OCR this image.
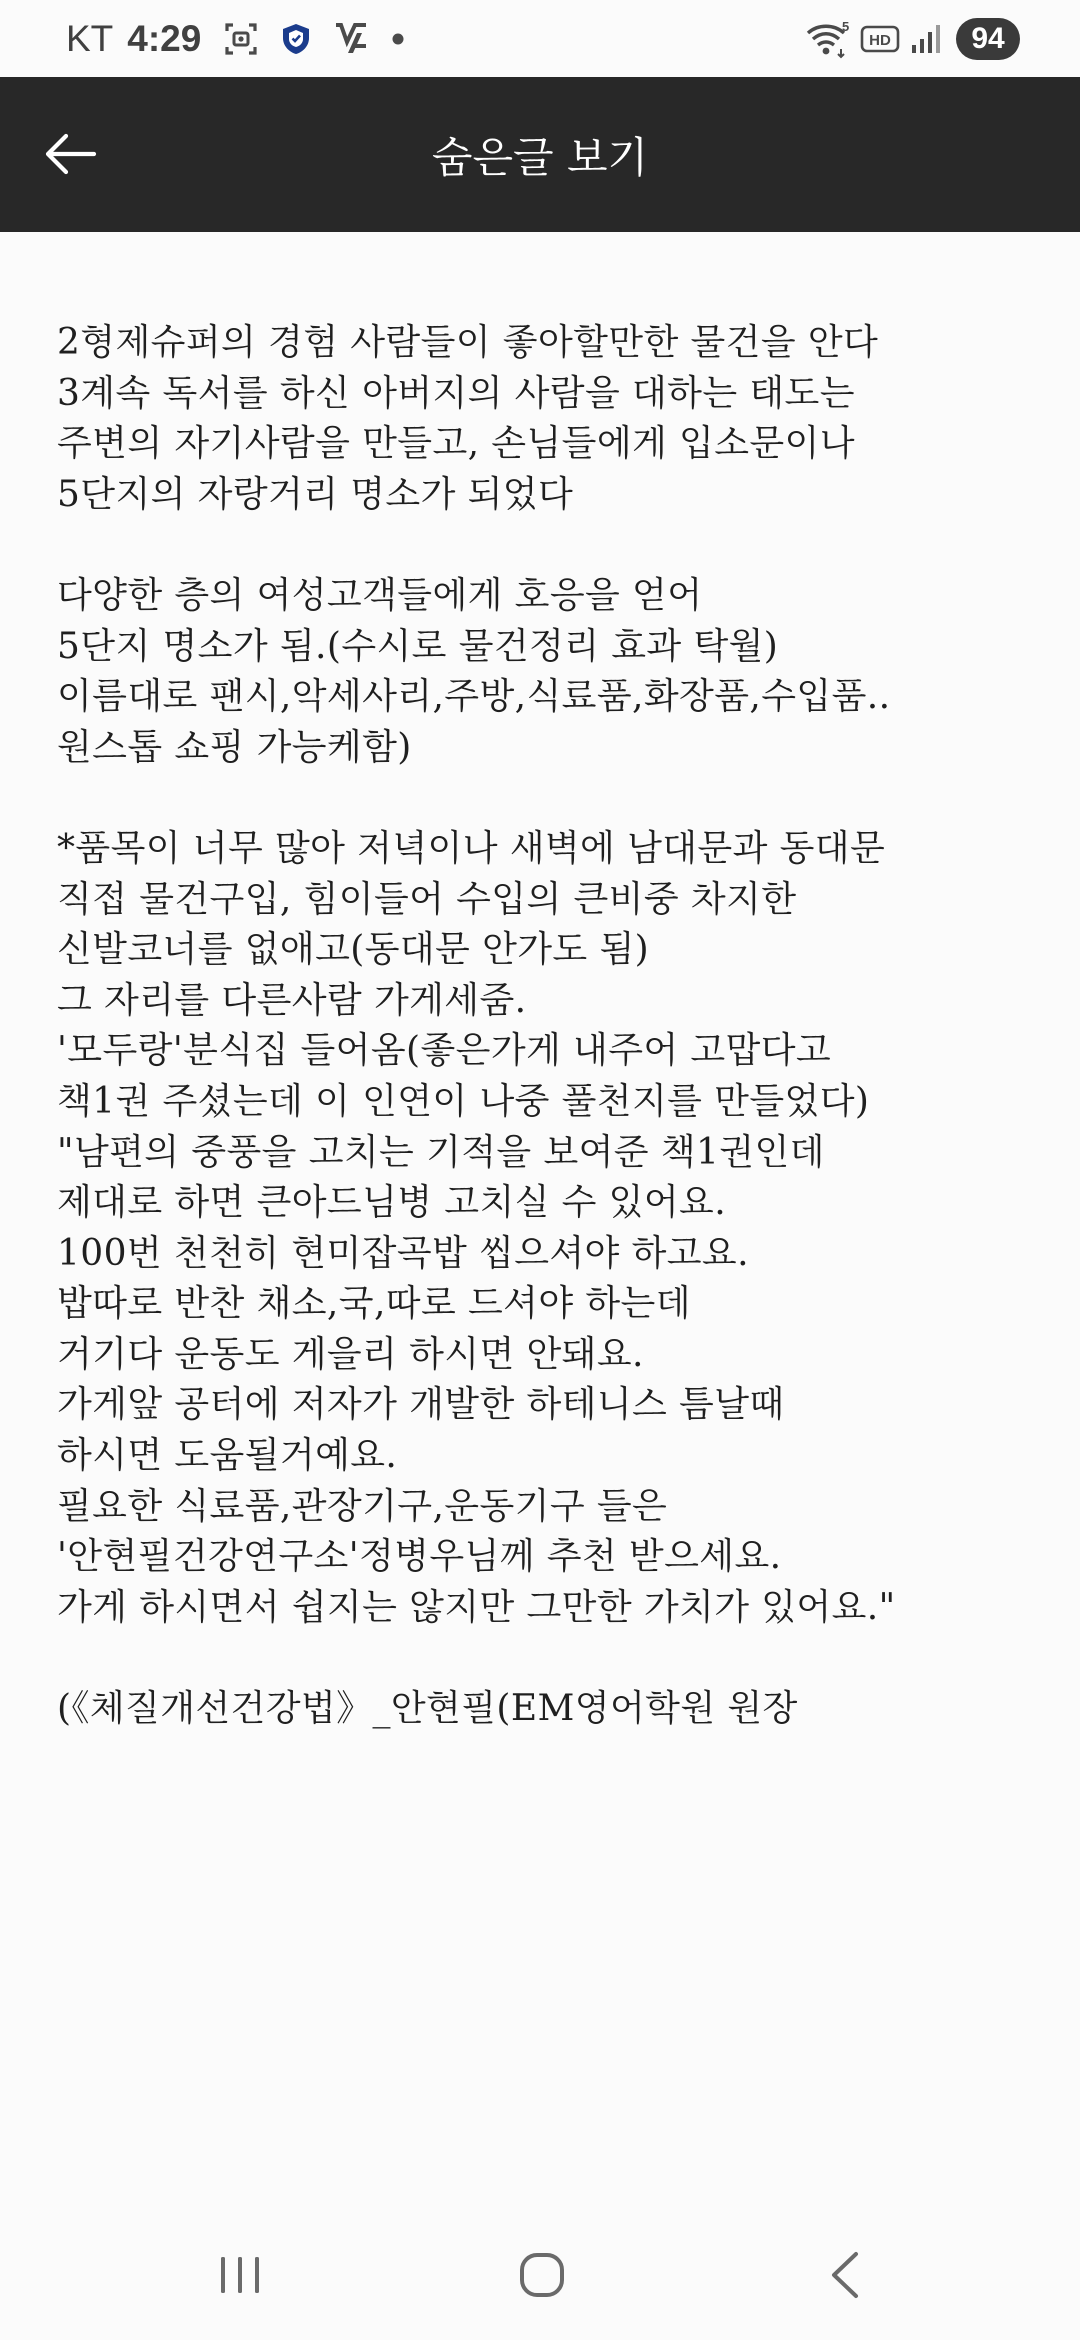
KT 4:29	5
HD	94
숨은글 보기
2형제슈퍼의 경험 사람들이 좋아할만한 물건을 안다
3계속 독서를 하신 아버지의 사람을 대하는 태도는
주변의 자기사람을 만들고, 손님들에게 입소문이나
5단지의 자랑거리 명소가 되었다
다양한 층의 여성고객들에게 호응을 얻어
5단지 명소가 됨.(수시로 물건정리 효과 탁월)
이름대로 팬시,악세사리,주방,식료품,화장품,수입품..
원스톱 쇼핑 가능케함)
*품목이 너무 많아 저녁이나 새벽에 남대문과 동대문
직접 물건구입, 힘이들어 수입의 큰비중 차지한
신발코너를 없애고(동대문 안가도 됨)
그 자리를 다른사람 가게세줌.
'모두랑'분식집 들어옴(좋은가게 내주어 고맙다고
책1권 주셨는데 이 인연이 나중 풀천지를 만들었다)
"남편의 중풍을 고치는 기적을 보여준 책1권인데
제대로 하면 큰아드님병 고치실 수 있어요.
100번 천천히 현미잡곡밥 씹으셔야 하고요.
밥따로 반찬 채소,국,따로 드셔야 하는데
거기다 운동도 게을리 하시면 안돼요.
가게앞 공터에 저자가 개발한 하테니스 틈날때
하시면 도움될거예요.
필요한 식료품,관장기구,운동기구 들은
'안현필건강연구소'정병우님께 추천 받으세요.
가게 하시면서 쉽지는 않지만 그만한 가치가 있어요."
(《체질개선건강법》_안현필(EM영어학원 원장
